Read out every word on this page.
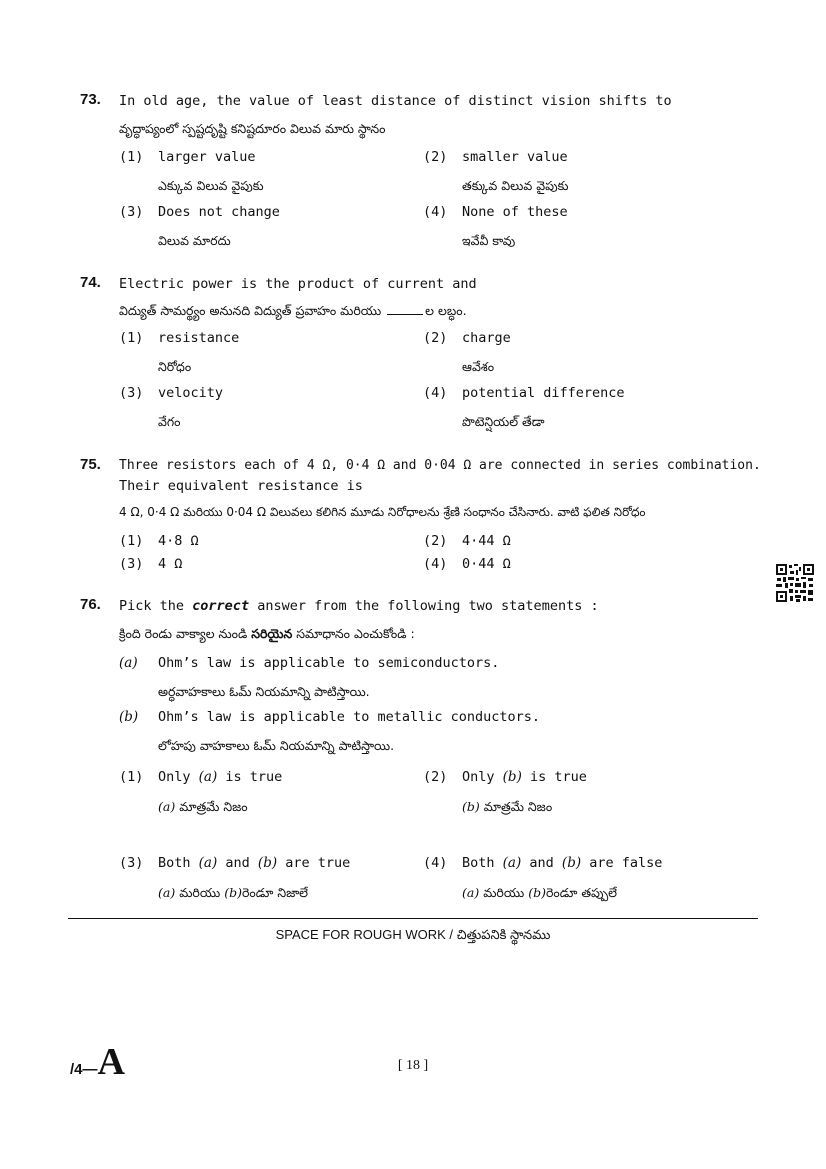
73. In old age, the value of least distance of distinct vision shifts to
వృద్ధాప్యంలో స్పష్టదృష్టి కనిష్టదూరం విలువ మారు స్థానం
(1) larger value
ఎక్కువ విలువ వైపుకు
(2) smaller value
తక్కువ విలువ వైపుకు
(3) Does not change
విలువ మారదు
(4) None of these
ఇవేవీ కావు
74. Electric power is the product of current and
విద్యుత్ సామర్థ్యం అనునది విద్యుత్ ప్రవాహం మరియు	ల లబ్ధం.
(1) resistance
నిరోధం
(2) charge
ఆవేశం
(3) velocity
వేగం
(4) potential difference
పొటెన్షియల్ తేడా
75. Three resistors each of 4 Ω, 0·4 Ω and 0·04 Ω are connected in series combination.
Their equivalent resistance is
4 Ω, 0·4 Ω మరియు 0·04 Ω విలువలు కలిగిన మూడు నిరోధాలను శ్రేణి సంధానం చేసినారు. వాటి ఫలిత నిరోధం
(1) 4·8 Ω	(2) 4·44 Ω
(3) 4 Ω	(4) 0·44 Ω
76. Pick the correct answer from the following two statements :
క్రింది రెండు వాక్యాల నుండి సరియైన సమాధానం ఎంచుకోండి :
(a) Ohm’s law is applicable to semiconductors.
అర్ధవాహకాలు ఓమ్ నియమాన్ని పాటిస్తాయి.
(b) Ohm’s law is applicable to metallic conductors.
లోహపు వాహకాలు ఓమ్ నియమాన్ని పాటిస్తాయి.
(1) Only (a) is true
(a) మాత్రమే నిజం
(2) Only (b) is true
(b) మాత్రమే నిజం
(3) Both (a) and (b) are true
(a) మరియు (b)రెండూ నిజాలే
(4) Both (a) and (b) are false
(a) మరియు (b)రెండూ తప్పులే
SPACE FOR ROUGH WORK / చిత్తుపనికి స్థానము
/4—A	[ 18 ]
